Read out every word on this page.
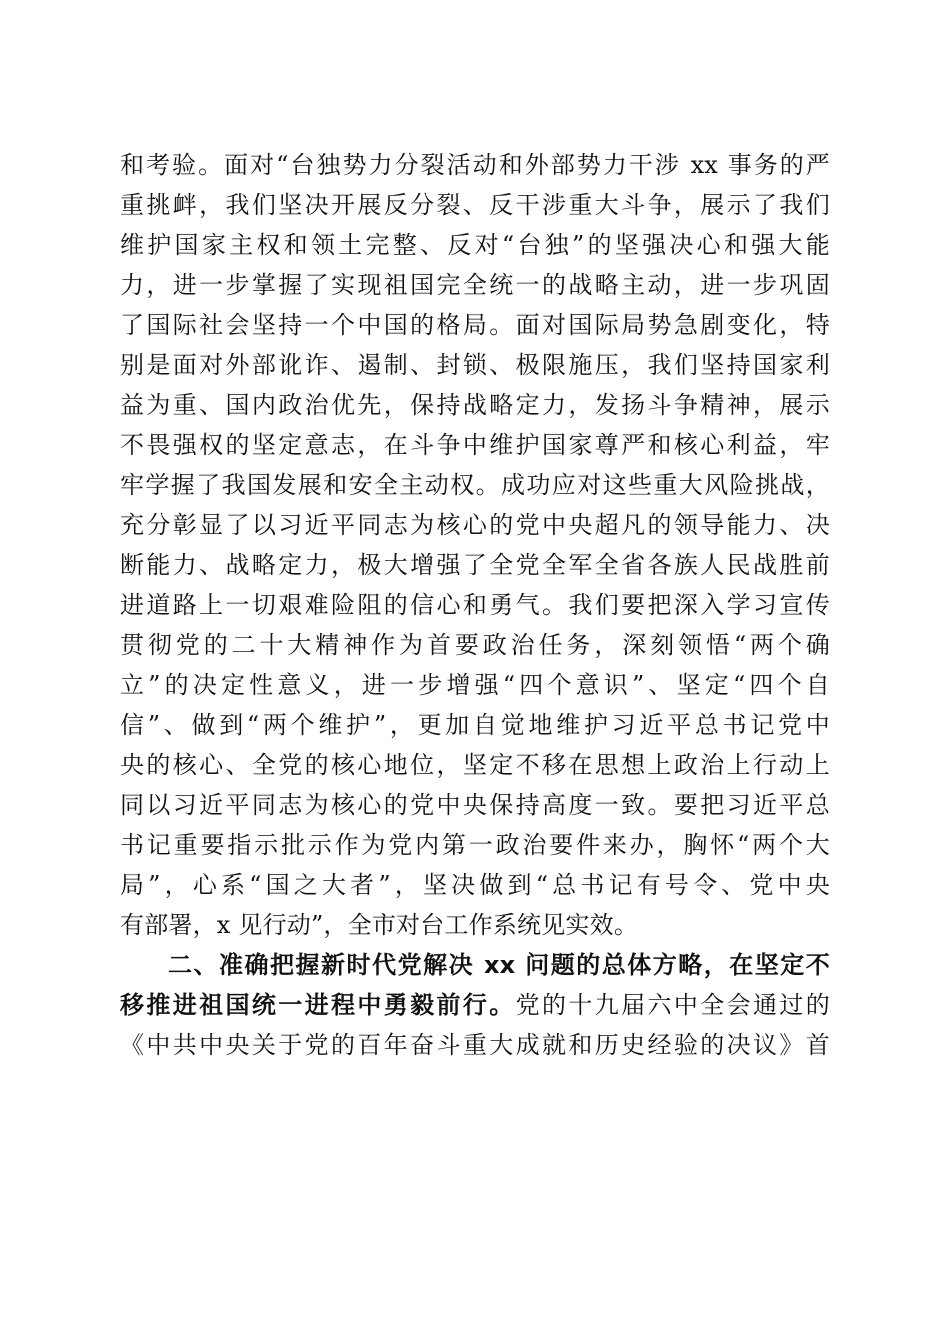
和考验。面对“台独势力分裂活动和外部势力干涉 xx 事务的严
重挑衅，我们坚决开展反分裂、反干涉重大斗争，展示了我们
维护国家主权和领土完整、反对“台独”的坚强决心和强大能
力，进一步掌握了实现祖国完全统一的战略主动，进一步巩固
了国际社会坚持一个中国的格局。面对国际局势急剧变化，特
别是面对外部讹诈、遏制、封锁、极限施压，我们坚持国家利
益为重、国内政治优先，保持战略定力，发扬斗争精神，展示
不畏强权的坚定意志，在斗争中维护国家尊严和核心利益，牢
牢学握了我国发展和安全主动权。成功应对这些重大风险挑战，
充分彰显了以习近平同志为核心的党中央超凡的领导能力、决
断能力、战略定力，极大增强了全党全军全省各族人民战胜前
进道路上一切艰难险阻的信心和勇气。我们要把深入学习宣传
贯彻党的二十大精神作为首要政治任务，深刻领悟“两个确
立”的决定性意义，进一步增强“四个意识”、坚定“四个自
信”、做到“两个维护”，更加自觉地维护习近平总书记党中
央的核心、全党的核心地位，坚定不移在思想上政治上行动上
同以习近平同志为核心的党中央保持高度一致。要把习近平总
书记重要指示批示作为党内第一政治要件来办，胸怀“两个大
局”，心系“国之大者”，坚决做到“总书记有号令、党中央
有部署，x 见行动”，全市对台工作系统见实效。
二、准确把握新时代党解决 xx 问题的总体方略，在坚定不
移推进祖国统一进程中勇毅前行。党的十九届六中全会通过的
《中共中央关于党的百年奋斗重大成就和历史经验的决议》首
